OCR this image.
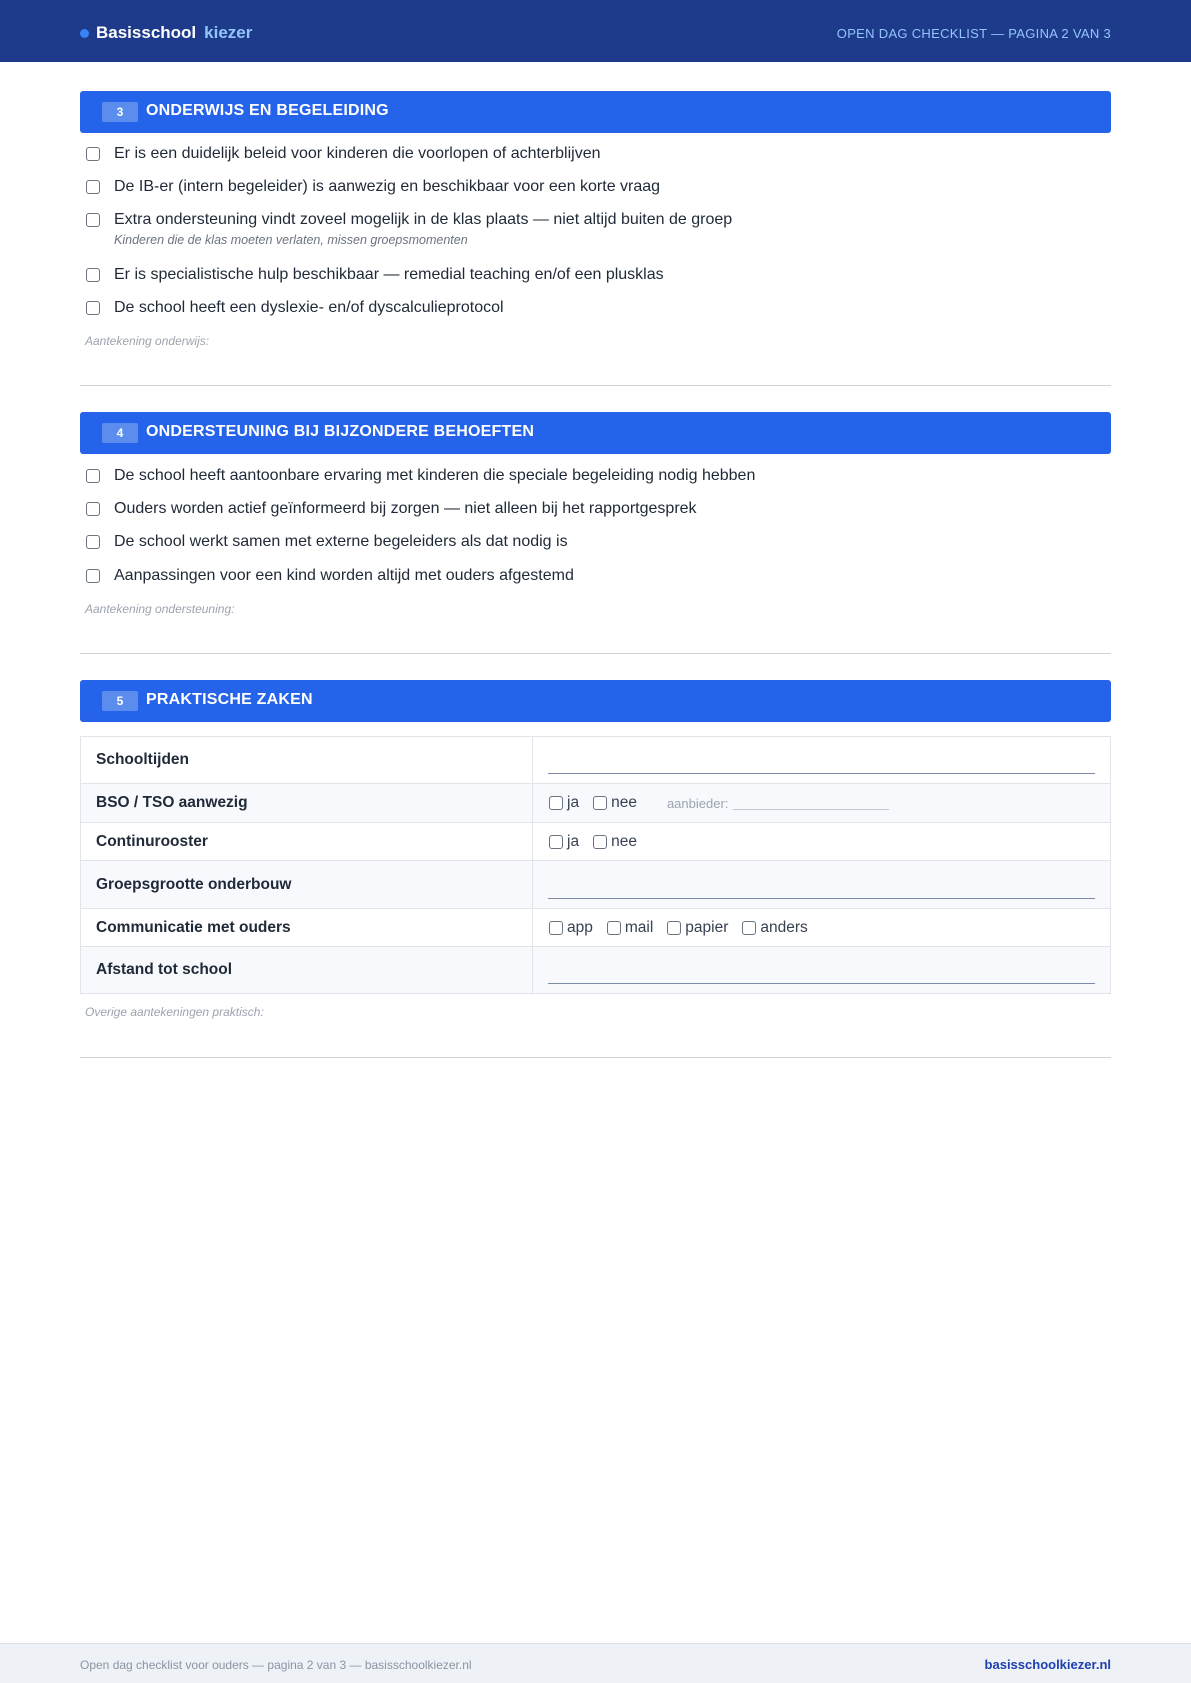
Basisschool kiezer	OPEN DAG CHECKLIST — PAGINA 2 VAN 3
3	ONDERWIJS EN BEGELEIDING
Er is een duidelijk beleid voor kinderen die voorlopen of achterblijven
De IB-er (intern begeleider) is aanwezig en beschikbaar voor een korte vraag
Extra ondersteuning vindt zoveel mogelijk in de klas plaats — niet altijd buiten de groep
Kinderen die de klas moeten verlaten, missen groepsmomenten
Er is specialistische hulp beschikbaar — remedial teaching en/of een plusklas
De school heeft een dyslexie- en/of dyscalculieprotocol
Aantekening onderwijs:
4	ONDERSTEUNING BIJ BIJZONDERE BEHOEFTEN
De school heeft aantoonbare ervaring met kinderen die speciale begeleiding nodig hebben
Ouders worden actief geïnformeerd bij zorgen — niet alleen bij het rapportgesprek
De school werkt samen met externe begeleiders als dat nodig is
Aanpassingen voor een kind worden altijd met ouders afgestemd
Aantekening ondersteuning:
5	PRAKTISCHE ZAKEN
Schooltijden
BSO / TSO aanwezig	ja nee aanbieder:
Continurooster	ja nee
Groepsgrootte onderbouw
Communicatie met ouders	app mail papier anders
Afstand tot school
Overige aantekeningen praktisch:
Open dag checklist voor ouders — pagina 2 van 3 — basisschoolkiezer.nl	basisschoolkiezer.nl
